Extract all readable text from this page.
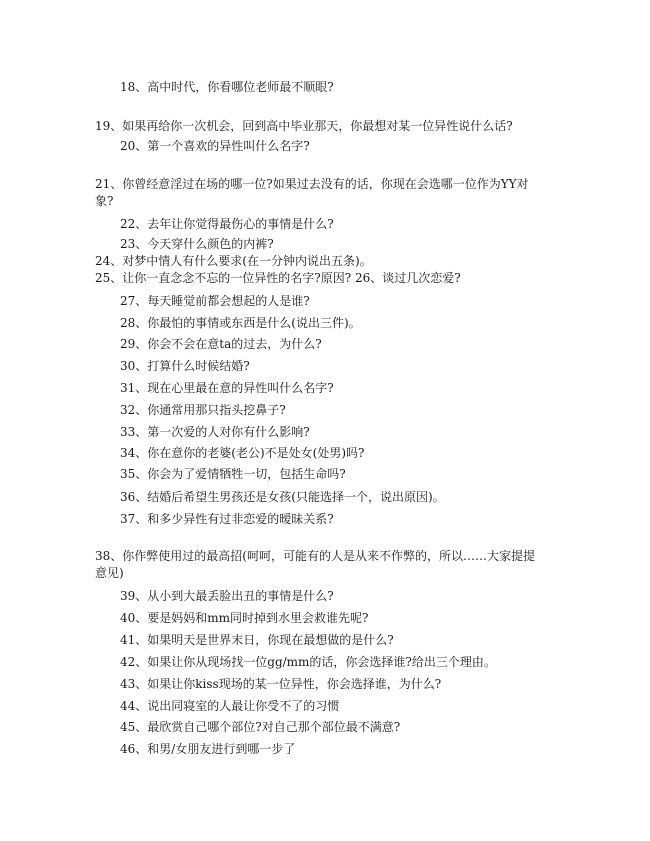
18、高中时代，你看哪位老师最不顺眼?
19、如果再给你一次机会，回到高中毕业那天，你最想对某一位异性说什么话?
20、第一个喜欢的异性叫什么名字?
21、你曾经意淫过在场的哪一位?如果过去没有的话，你现在会选哪一位作为YY对象?
22、去年让你觉得最伤心的事情是什么?
23、今天穿什么颜色的内裤?
24、对梦中情人有什么要求(在一分钟内说出五条)。
25、让你一直念念不忘的一位异性的名字?原因? 26、谈过几次恋爱?
27、每天睡觉前都会想起的人是谁?
28、你最怕的事情或东西是什么(说出三件)。
29、你会不会在意ta的过去，为什么?
30、打算什么时候结婚?
31、现在心里最在意的异性叫什么名字?
32、你通常用那只指头挖鼻子?
33、第一次爱的人对你有什么影响?
34、你在意你的老婆(老公)不是处女(处男)吗?
35、你会为了爱情牺牲一切，包括生命吗?
36、结婚后希望生男孩还是女孩(只能选择一个，说出原因)。
37、和多少异性有过非恋爱的暧昧关系?
38、你作弊使用过的最高招(呵呵，可能有的人是从来不作弊的，所以……大家提提意见)
39、从小到大最丢脸出丑的事情是什么?
40、要是妈妈和mm同时掉到水里会救谁先呢?
41、如果明天是世界末日，你现在最想做的是什么?
42、如果让你从现场找一位gg/mm的话，你会选择谁?给出三个理由。
43、如果让你kiss现场的某一位异性，你会选择谁，为什么?
44、说出同寝室的人最让你受不了的习惯
45、最欣赏自己哪个部位?对自己那个部位最不满意?
46、和男/女朋友进行到哪一步了
